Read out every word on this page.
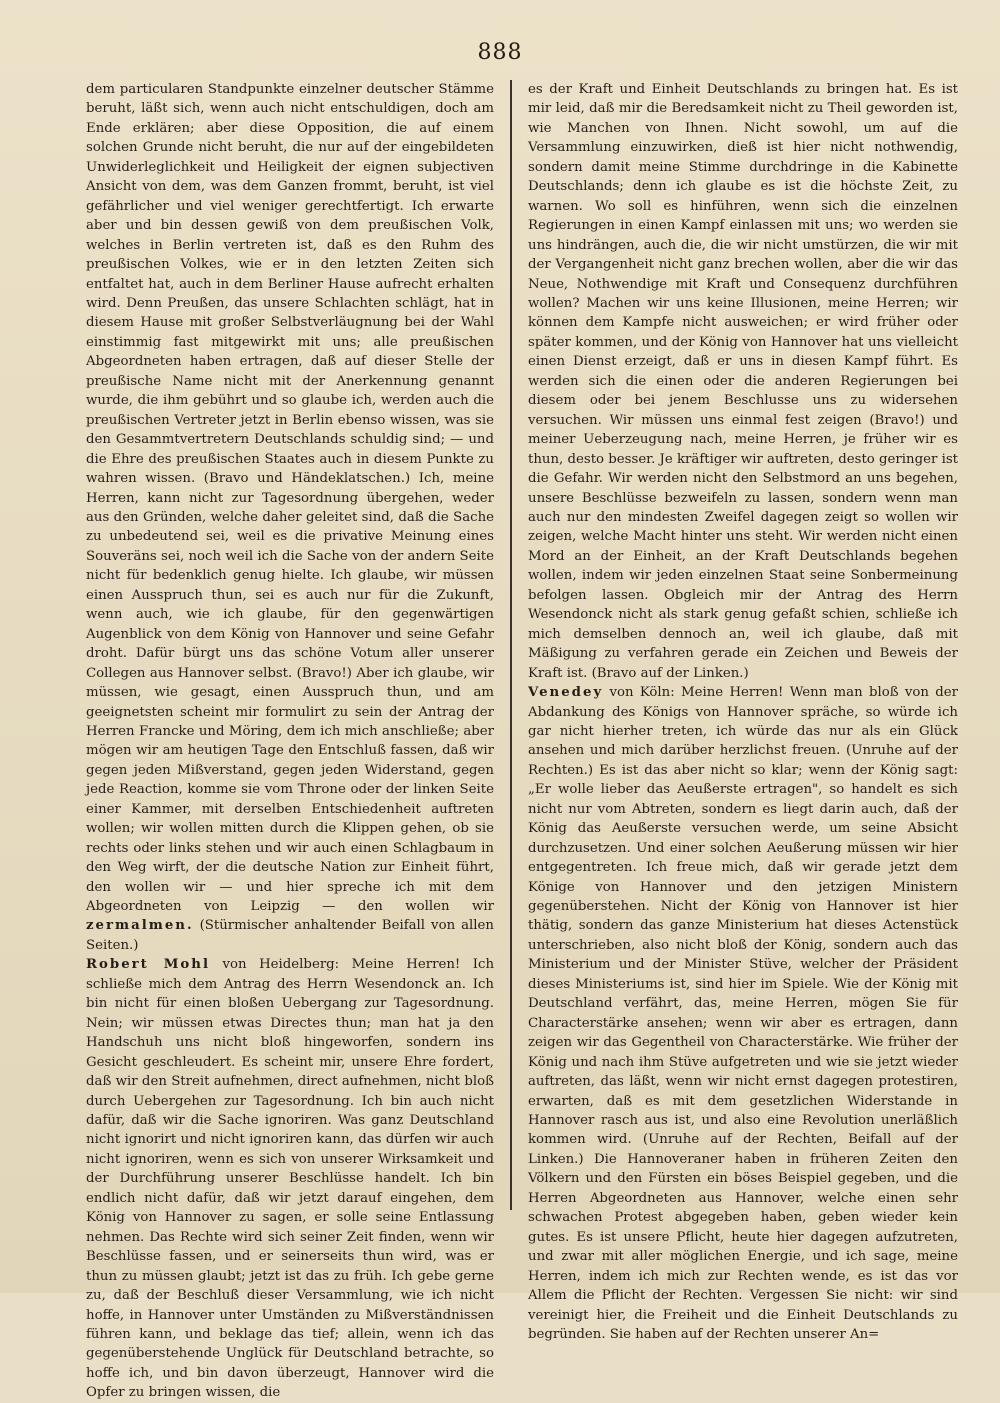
888

dem particularen Standpunkte einzelner deutscher Stämme beruht, läßt sich, wenn auch nicht entschuldigen, doch am Ende erklären; aber diese Opposition, die auf einem solchen Grunde nicht beruht, die nur auf der eingebildeten Unwiderleglichkeit und Heiligkeit der eignen subjectiven Ansicht von dem, was dem Ganzen frommt, beruht, ist viel gefährlicher und viel weniger gerechtfertigt. Ich erwarte aber und bin dessen gewiß von dem preußischen Volk, welches in Berlin vertreten ist, daß es den Ruhm des preußischen Volkes, wie er in den letzten Zeiten sich entfaltet hat, auch in dem Berliner Hause aufrecht erhalten wird. Denn Preußen, das unsere Schlachten schlägt, hat in diesem Hause mit großer Selbstverläugnung bei der Wahl einstimmig fast mitgewirkt mit uns; alle preußischen Abgeordneten haben ertragen, daß auf dieser Stelle der preußische Name nicht mit der Anerkennung genannt wurde, die ihm gebührt und so glaube ich, werden auch die preußischen Vertreter jetzt in Berlin ebenso wissen, was sie den Gesammtvertretern Deutschlands schuldig sind; — und die Ehre des preußischen Staates auch in diesem Punkte zu wahren wissen. (Bravo und Händeklatschen.) Ich, meine Herren, kann nicht zur Tagesordnung übergehen, weder aus den Gründen, welche daher geleitet sind, daß die Sache zu unbedeutend sei, weil es die privative Meinung eines Souveräns sei, noch weil ich die Sache von der andern Seite nicht für bedenklich genug hielte. Ich glaube, wir müssen einen Ausspruch thun, sei es auch nur für die Zukunft, wenn auch, wie ich glaube, für den gegenwärtigen Augenblick von dem König von Hannover und seine Gefahr droht. Dafür bürgt uns das schöne Votum aller unserer Collegen aus Hannover selbst. (Bravo!) Aber ich glaube, wir müssen, wie gesagt, einen Ausspruch thun, und am geeignetsten scheint mir formulirt zu sein der Antrag der Herren Francke und Möring, dem ich mich anschließe; aber mögen wir am heutigen Tage den Entschluß fassen, daß wir gegen jeden Mißverstand, gegen jeden Widerstand, gegen jede Reaction, komme sie vom Throne oder der linken Seite einer Kammer, mit derselben Entschiedenheit auftreten wollen; wir wollen mitten durch die Klippen gehen, ob sie rechts oder links stehen und wir auch einen Schlagbaum in den Weg wirft, der die deutsche Nation zur Einheit führt, den wollen wir — und hier spreche ich mit dem Abgeordneten von Leipzig — den wollen wir zermalmen. (Stürmischer anhaltender Beifall von allen Seiten.)

Robert Mohl von Heidelberg: Meine Herren! Ich schließe mich dem Antrag des Herrn Wesendonck an. Ich bin nicht für einen bloßen Uebergang zur Tagesordnung. Nein; wir müssen etwas Directes thun; man hat ja den Handschuh uns nicht bloß hingeworfen, sondern ins Gesicht geschleudert. Es scheint mir, unsere Ehre fordert, daß wir den Streit aufnehmen, direct aufnehmen, nicht bloß durch Uebergehen zur Tagesordnung. Ich bin auch nicht dafür, daß wir die Sache ignoriren. Was ganz Deutschland nicht ignorirt und nicht ignoriren kann, das dürfen wir auch nicht ignoriren, wenn es sich von unserer Wirksamkeit und der Durchführung unserer Beschlüsse handelt. Ich bin endlich nicht dafür, daß wir jetzt darauf eingehen, dem König von Hannover zu sagen, er solle seine Entlassung nehmen. Das Rechte wird sich seiner Zeit finden, wenn wir Beschlüsse fassen, und er seinerseits thun wird, was er thun zu müssen glaubt; jetzt ist das zu früh. Ich gebe gerne zu, daß der Beschluß dieser Versammlung, wie ich nicht hoffe, in Hannover unter Umständen zu Mißverständnissen führen kann, und beklage das tief; allein, wenn ich das gegenüberstehende Unglück für Deutschland betrachte, so hoffe ich, und bin davon überzeugt, Hannover wird die Opfer zu bringen wissen, die

es der Kraft und Einheit Deutschlands zu bringen hat. Es ist mir leid, daß mir die Beredsamkeit nicht zu Theil geworden ist, wie Manchen von Ihnen. Nicht sowohl, um auf die Versammlung einzuwirken, dieß ist hier nicht nothwendig, sondern damit meine Stimme durchdringe in die Kabinette Deutschlands; denn ich glaube es ist die höchste Zeit, zu warnen. Wo soll es hinführen, wenn sich die einzelnen Regierungen in einen Kampf einlassen mit uns; wo werden sie uns hindrängen, auch die, die wir nicht umstürzen, die wir mit der Vergangenheit nicht ganz brechen wollen, aber die wir das Neue, Nothwendige mit Kraft und Consequenz durchführen wollen? Machen wir uns keine Illusionen, meine Herren; wir können dem Kampfe nicht ausweichen; er wird früher oder später kommen, und der König von Hannover hat uns vielleicht einen Dienst erzeigt, daß er uns in diesen Kampf führt. Es werden sich die einen oder die anderen Regierungen bei diesem oder bei jenem Beschlusse uns zu widersehen versuchen. Wir müssen uns einmal fest zeigen (Bravo!) und meiner Ueberzeugung nach, meine Herren, je früher wir es thun, desto besser. Je kräftiger wir auftreten, desto geringer ist die Gefahr. Wir werden nicht den Selbstmord an uns begehen, unsere Beschlüsse bezweifeln zu lassen, sondern wenn man auch nur den mindesten Zweifel dagegen zeigt so wollen wir zeigen, welche Macht hinter uns steht. Wir werden nicht einen Mord an der Einheit, an der Kraft Deutschlands begehen wollen, indem wir jeden einzelnen Staat seine Sonbermeinung befolgen lassen. Obgleich mir der Antrag des Herrn Wesendonck nicht als stark genug gefaßt schien, schließe ich mich demselben dennoch an, weil ich glaube, daß mit Mäßigung zu verfahren gerade ein Zeichen und Beweis der Kraft ist. (Bravo auf der Linken.)

Venedey von Köln: Meine Herren! Wenn man bloß von der Abdankung des Königs von Hannover spräche, so würde ich gar nicht hierher treten, ich würde das nur als ein Glück ansehen und mich darüber herzlichst freuen. (Unruhe auf der Rechten.) Es ist das aber nicht so klar; wenn der König sagt: „Er wolle lieber das Aeußerste ertragen", so handelt es sich nicht nur vom Abtreten, sondern es liegt darin auch, daß der König das Aeußerste versuchen werde, um seine Absicht durchzusetzen. Und einer solchen Aeußerung müssen wir hier entgegentreten. Ich freue mich, daß wir gerade jetzt dem Könige von Hannover und den jetzigen Ministern gegenüberstehen. Nicht der König von Hannover ist hier thätig, sondern das ganze Ministerium hat dieses Actenstück unterschrieben, also nicht bloß der König, sondern auch das Ministerium und der Minister Stüve, welcher der Präsident dieses Ministeriums ist, sind hier im Spiele. Wie der König mit Deutschland verfährt, das, meine Herren, mögen Sie für Characterstärke ansehen; wenn wir aber es ertragen, dann zeigen wir das Gegentheil von Characterstärke. Wie früher der König und nach ihm Stüve aufgetreten und wie sie jetzt wieder auftreten, das läßt, wenn wir nicht ernst dagegen protestiren, erwarten, daß es mit dem gesetzlichen Widerstande in Hannover rasch aus ist, und also eine Revolution unerläßlich kommen wird. (Unruhe auf der Rechten, Beifall auf der Linken.) Die Hannoveraner haben in früheren Zeiten den Völkern und den Fürsten ein böses Beispiel gegeben, und die Herren Abgeordneten aus Hannover, welche einen sehr schwachen Protest abgegeben haben, geben wieder kein gutes. Es ist unsere Pflicht, heute hier dagegen aufzutreten, und zwar mit aller möglichen Energie, und ich sage, meine Herren, indem ich mich zur Rechten wende, es ist das vor Allem die Pflicht der Rechten. Vergessen Sie nicht: wir sind vereinigt hier, die Freiheit und die Einheit Deutschlands zu begründen. Sie haben auf der Rechten unserer An=
